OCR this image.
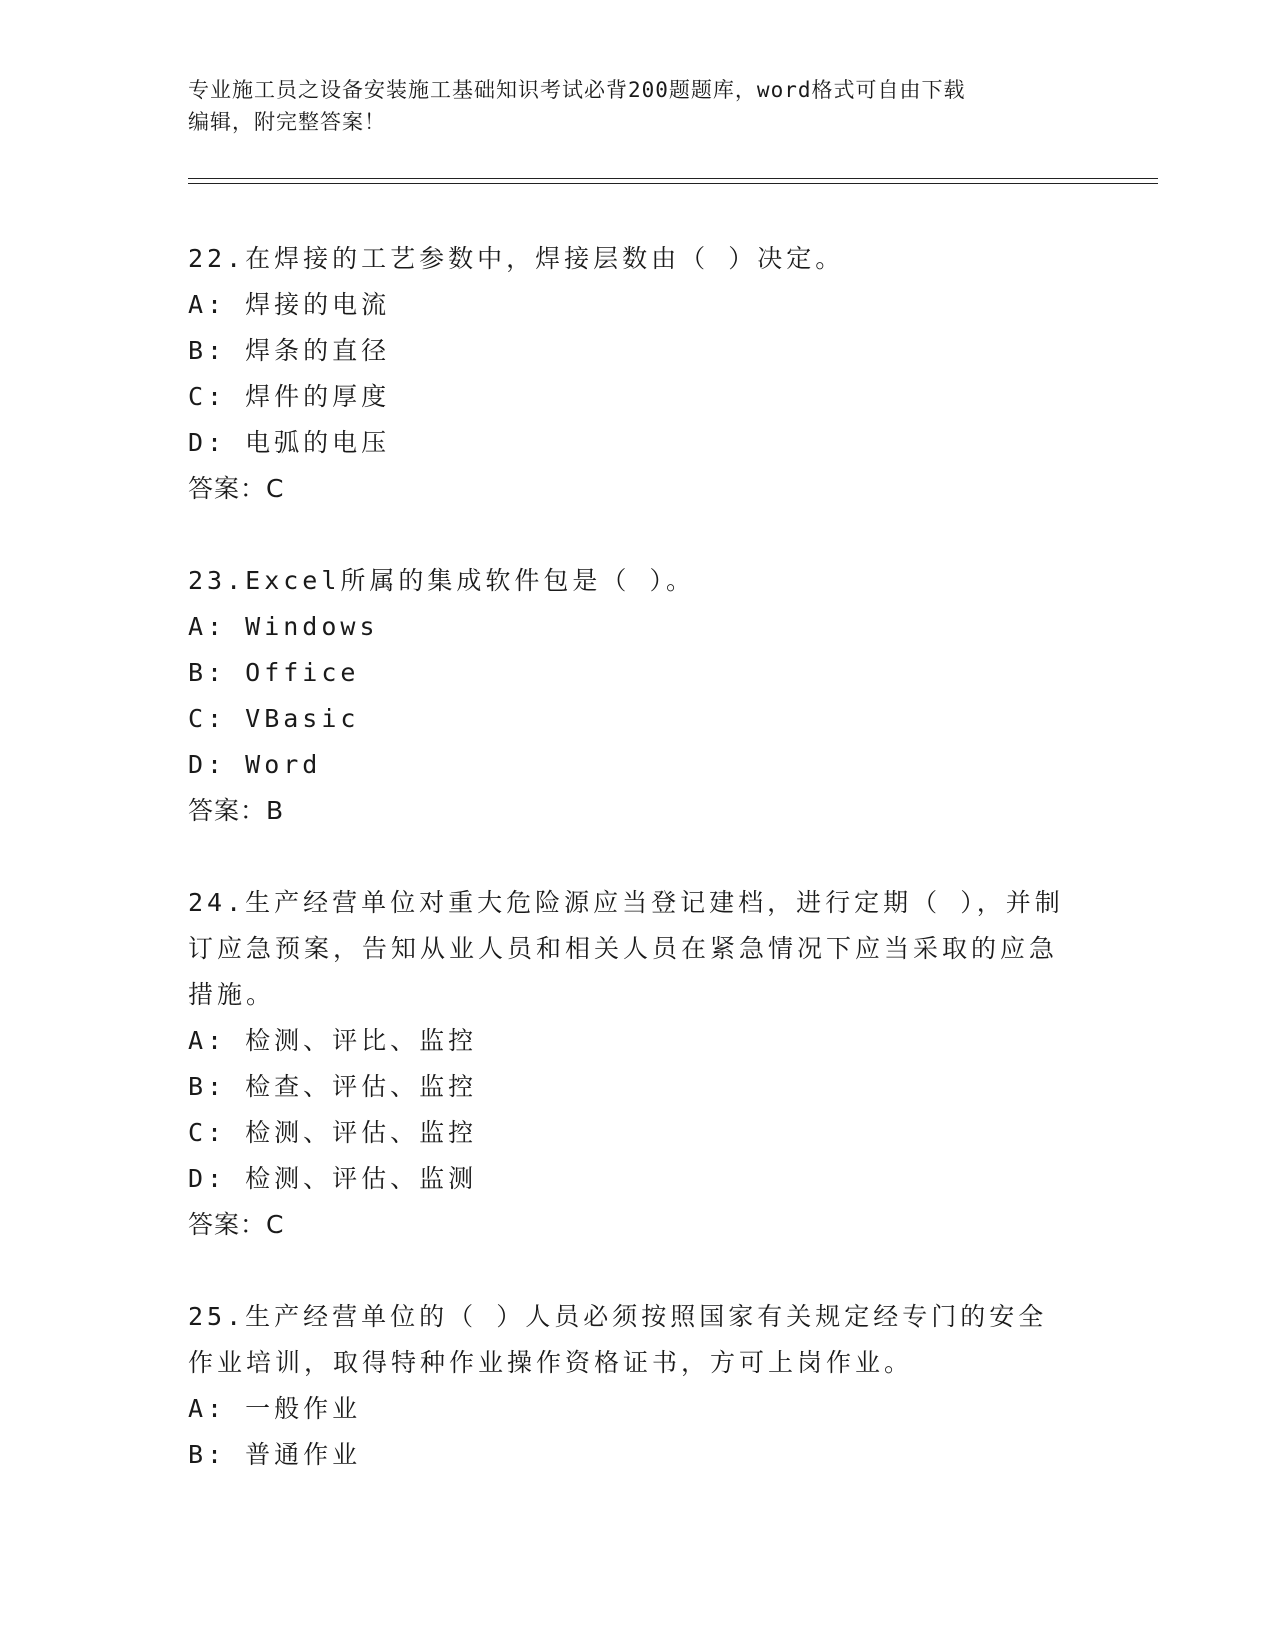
专业施工员之设备安装施工基础知识考试必背200题题库，word格式可自由下载
编辑，附完整答案！
22.在焊接的工艺参数中，焊接层数由（ ）决定。
A: 焊接的电流
B: 焊条的直径
C: 焊件的厚度
D: 电弧的电压
答案：C
23.Excel所属的集成软件包是（ ）。
A: Windows
B: Office
C: VBasic
D: Word
答案：B
24.生产经营单位对重大危险源应当登记建档，进行定期（ ），并制订应急预案，告知从业人员和相关人员在紧急情况下应当采取的应急措施。
A: 检测、评比、监控
B: 检查、评估、监控
C: 检测、评估、监控
D: 检测、评估、监测
答案：C
25.生产经营单位的（ ）人员必须按照国家有关规定经专门的安全作业培训，取得特种作业操作资格证书，方可上岗作业。
A: 一般作业
B: 普通作业
